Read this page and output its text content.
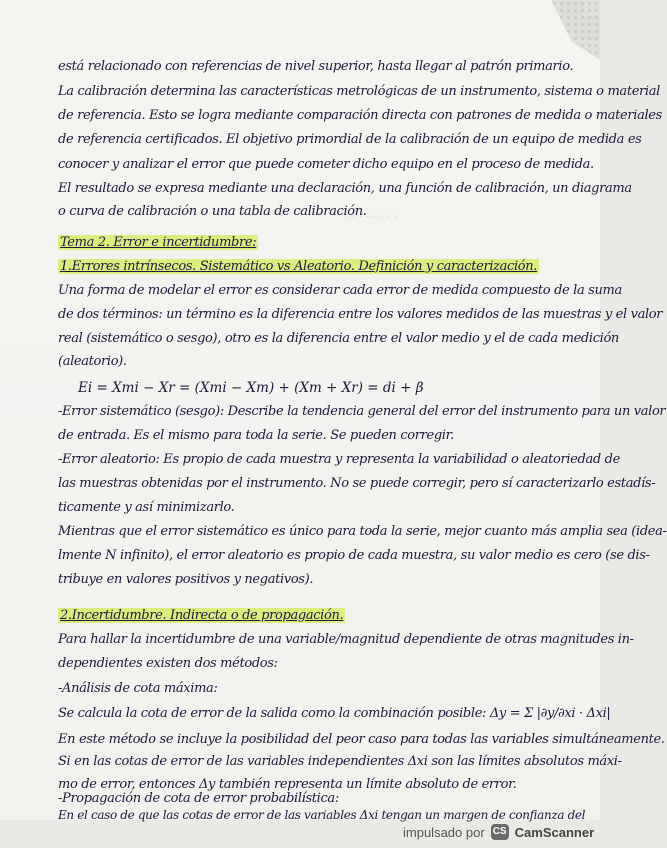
· · · · · · · ·
está relacionado con referencias de nivel superior, hasta llegar al patrón primario.
La calibración determina las características metrológicas de un instrumento, sistema o material
de referencia. Esto se logra mediante comparación directa con patrones de medida o materiales
de referencia certificados. El objetivo primordial de la calibración de un equipo de medida es
conocer y analizar el error que puede cometer dicho equipo en el proceso de medida.
El resultado se expresa mediante una declaración, una función de calibración, un diagrama
o curva de calibración o una tabla de calibración.
Tema 2. Error e incertidumbre:
1.Errores intrínsecos. Sistemático vs Aleatorio. Definición y caracterización.
Una forma de modelar el error es considerar cada error de medida compuesto de la suma
de dos términos: un término es la diferencia entre los valores medidos de las muestras y el valor
real (sistemático o sesgo), otro es la diferencia entre el valor medio y el de cada medición
(aleatorio).
Ei = Xmi − Xr = (Xmi − Xm) + (Xm + Xr) = di + β
-Error sistemático (sesgo): Describe la tendencia general del error del instrumento para un valor
de entrada. Es el mismo para toda la serie. Se pueden corregir.
-Error aleatorio: Es propio de cada muestra y representa la variabilidad o aleatoriedad de
las muestras obtenidas por el instrumento. No se puede corregir, pero sí caracterizarlo estadís-
ticamente y así minimizarlo.
Mientras que el error sistemático es único para toda la serie, mejor cuanto más amplia sea (idea-
lmente N infinito), el error aleatorio es propio de cada muestra, su valor medio es cero (se dis-
tribuye en valores positivos y negativos).
2.Incertidumbre. Indirecta o de propagación.
Para hallar la incertidumbre de una variable/magnitud dependiente de otras magnitudes in-
dependientes existen dos métodos:
-Análisis de cota máxima:
Se calcula la cota de error de la salida como la combinación posible: Δy = Σ |∂y/∂xi · Δxi|
En este método se incluye la posibilidad del peor caso para todas las variables simultáneamente.
Si en las cotas de error de las variables independientes Δxi son las límites absolutos máxi-
mo de error, entonces Δy también representa un límite absoluto de error.
-Propagación de cota de error probabilística:
En el caso de que las cotas de error de las variables Δxi tengan un margen de confianza del
impulsado por CS CamScanner
